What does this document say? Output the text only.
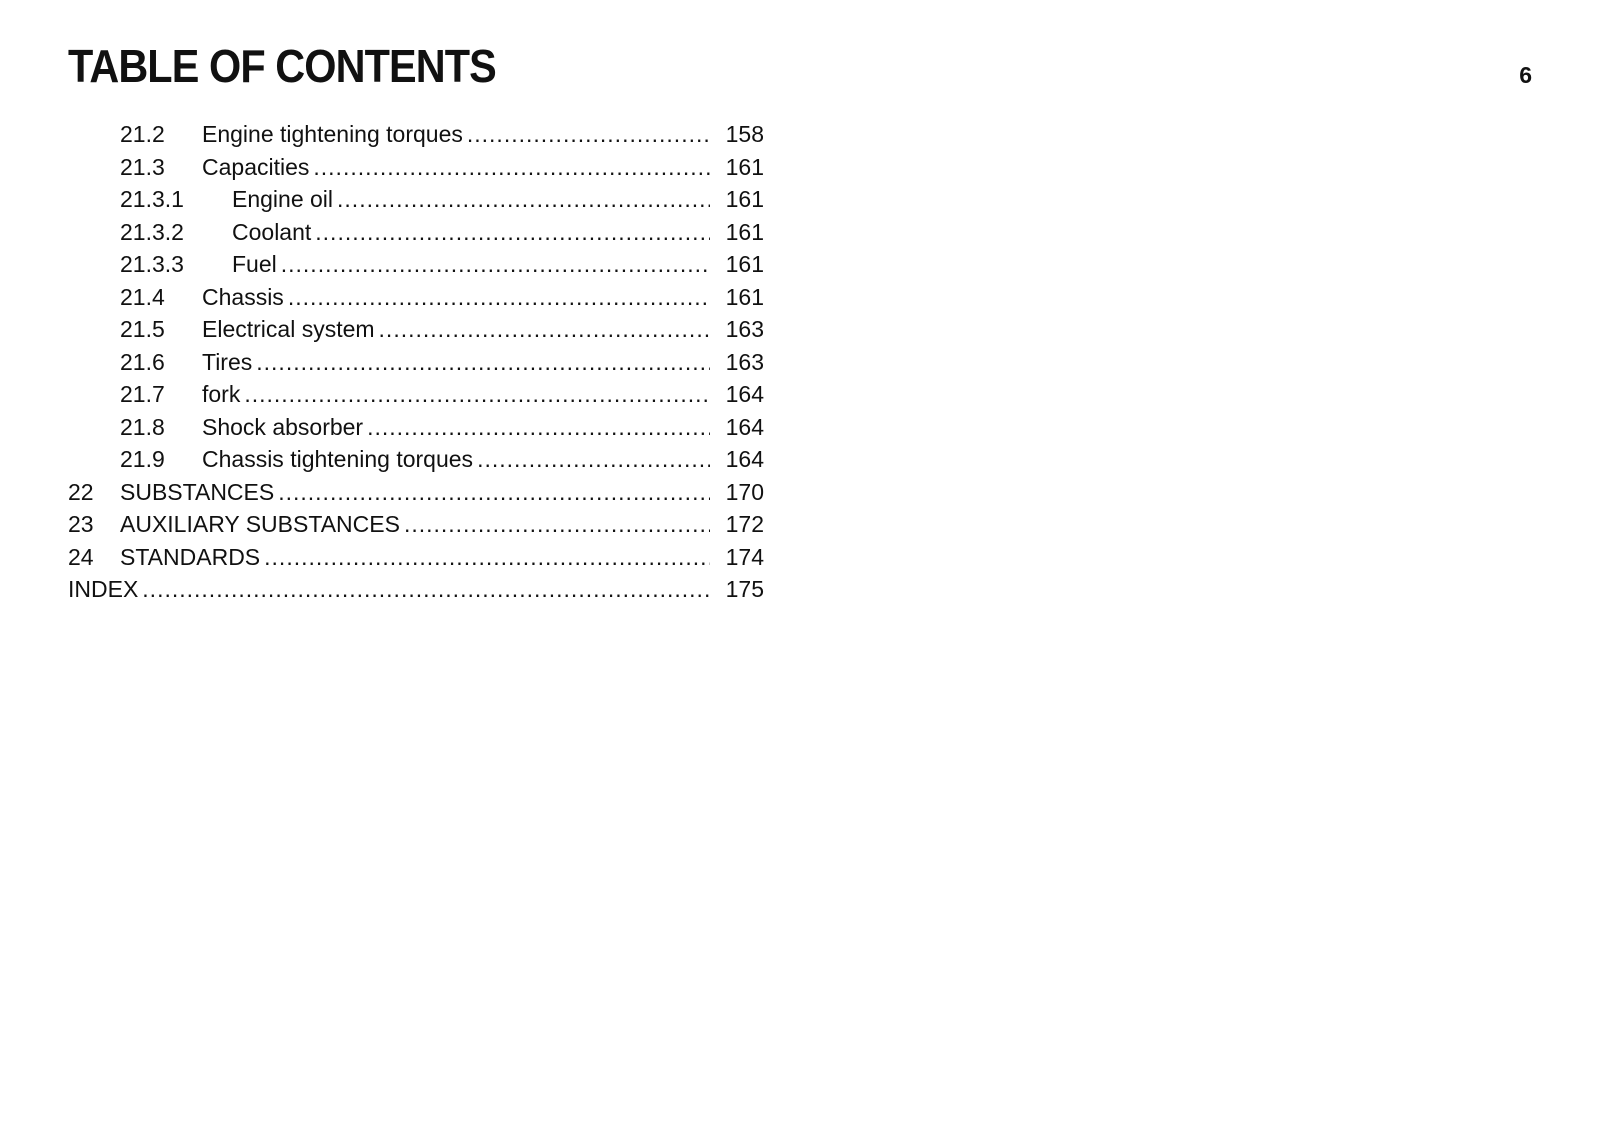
TABLE OF CONTENTS	6
21.2 Engine tightening torques .....	158
21.3 Capacities .....	161
21.3.1 Engine oil .....	161
21.3.2 Coolant .....	161
21.3.3 Fuel .....	161
21.4 Chassis .....	161
21.5 Electrical system .....	163
21.6 Tires .....	163
21.7 fork .....	164
21.8 Shock absorber .....	164
21.9 Chassis tightening torques .....	164
22 SUBSTANCES .....	170
23 AUXILIARY SUBSTANCES .....	172
24 STANDARDS .....	174
INDEX .....	175
